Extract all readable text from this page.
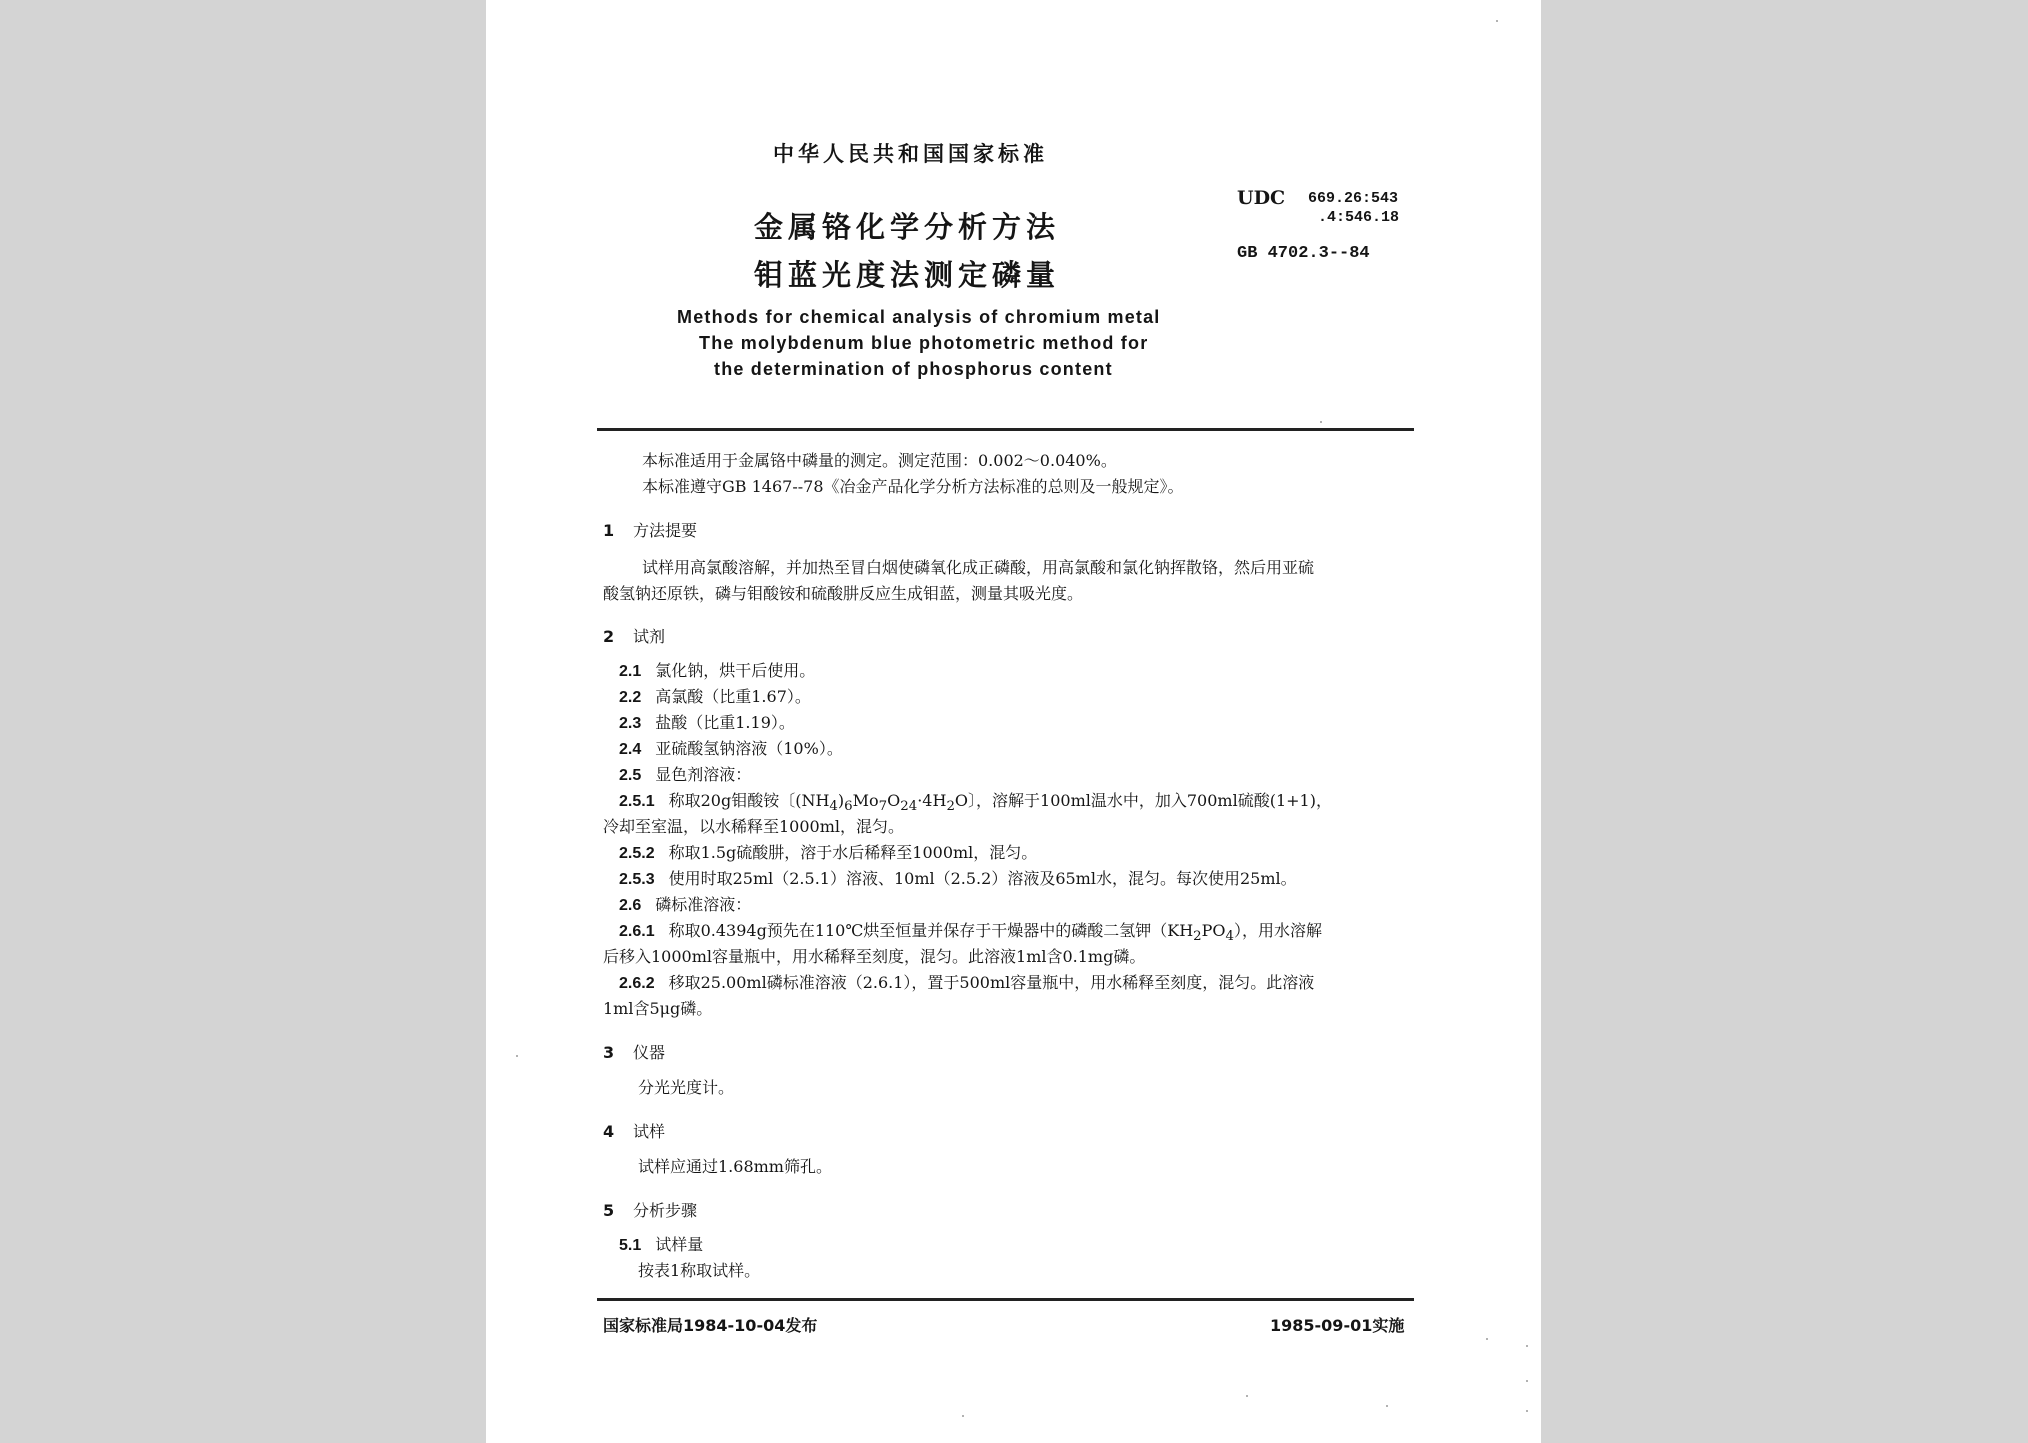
中华人民共和国国家标准
金属铬化学分析方法
钼蓝光度法测定磷量
UDC 669.26:543
.4:546.18
GB 4702.3--84
Methods for chemical analysis of chromium metal
The molybdenum blue photometric method for
the determination of phosphorus content
本标准适用于金属铬中磷量的测定。测定范围：0.002～0.040%。
本标准遵守GB 1467--78《冶金产品化学分析方法标准的总则及一般规定》。
1 方法提要
试样用高氯酸溶解，并加热至冒白烟使磷氧化成正磷酸，用高氯酸和氯化钠挥散铬，然后用亚硫
酸氢钠还原铁，磷与钼酸铵和硫酸肼反应生成钼蓝，测量其吸光度。
2 试剂
2.1 氯化钠，烘干后使用。
2.2 高氯酸（比重1.67）。
2.3 盐酸（比重1.19）。
2.4 亚硫酸氢钠溶液（10%）。
2.5 显色剂溶液：
2.5.1 称取20g钼酸铵〔$(NH_4)_6Mo_7O_{24}\cdot 4H_2O$〕，溶解于100ml温水中，加入700ml硫酸(1+1)，
冷却至室温，以水稀释至1000ml，混匀。
2.5.2 称取1.5g硫酸肼，溶于水后稀释至1000ml，混匀。
2.5.3 使用时取25ml（2.5.1）溶液、10ml（2.5.2）溶液及65ml水，混匀。每次使用25ml。
2.6 磷标准溶液：
2.6.1 称取0.4394g预先在110℃烘至恒量并保存于干燥器中的磷酸二氢钾$(KH_2PO_4)$，用水溶解
后移入1000ml容量瓶中，用水稀释至刻度，混匀。此溶液1ml含0.1mg磷。
2.6.2 移取25.00ml磷标准溶液（2.6.1），置于500ml容量瓶中，用水稀释至刻度，混匀。此溶液
1ml含5μg磷。
3 仪器
分光光度计。
4 试样
试样应通过1.68mm筛孔。
5 分析步骤
5.1 试样量
按表1称取试样。
国家标准局1984-10-04发布	1985-09-01实施
